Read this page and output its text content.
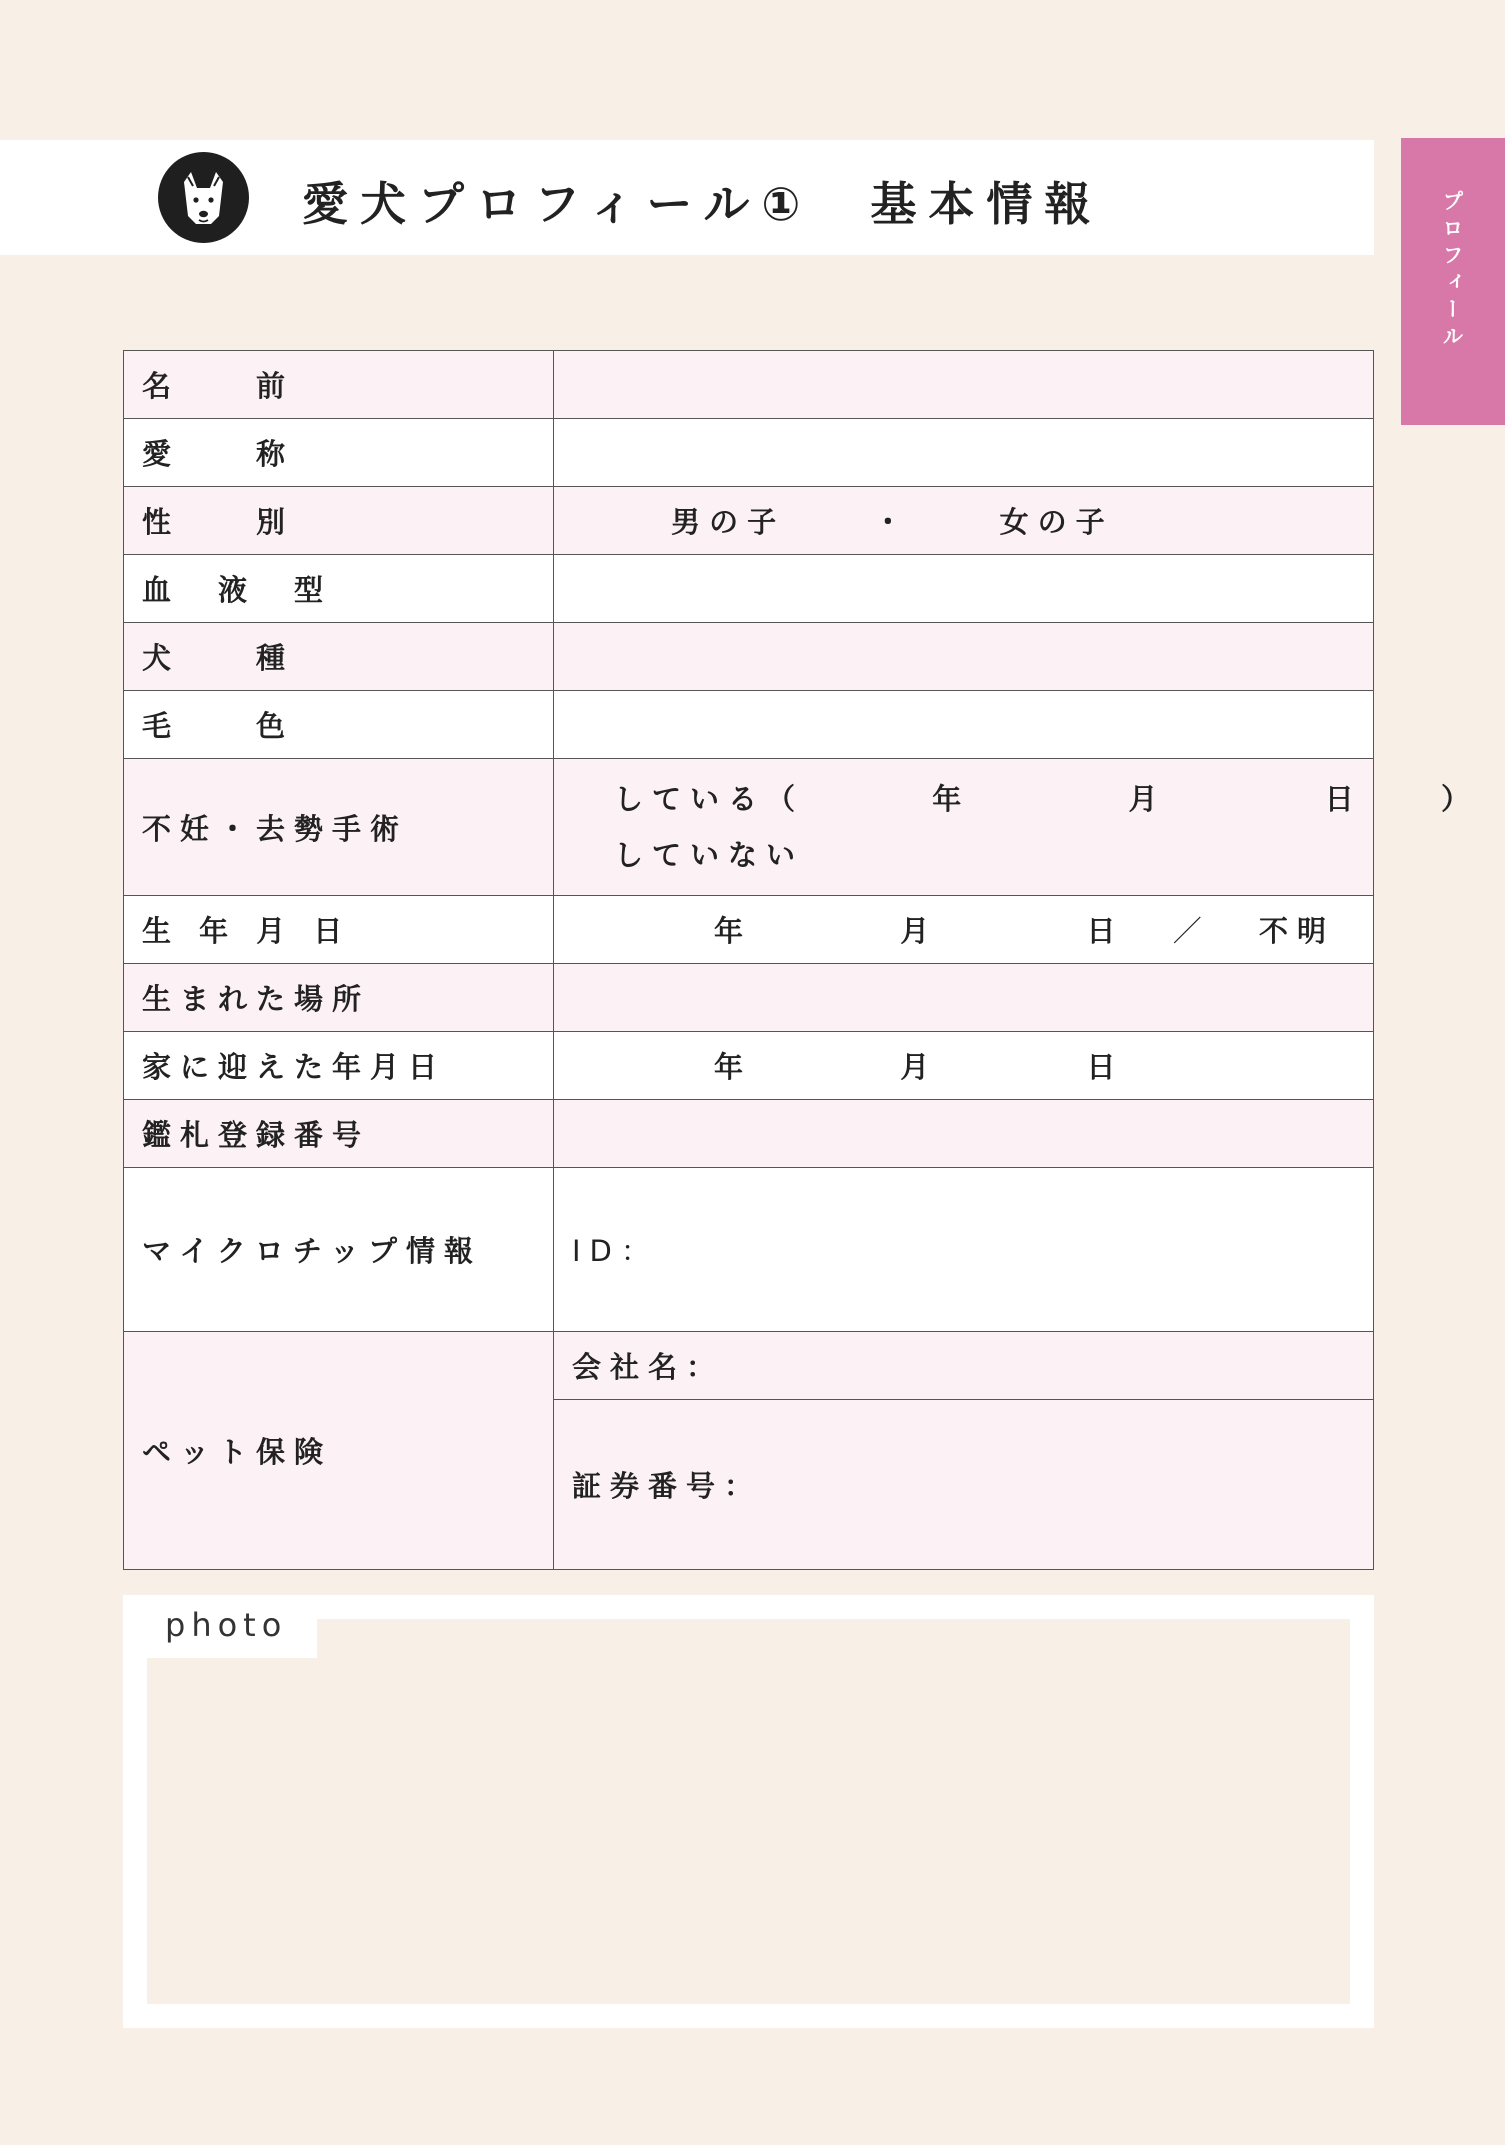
愛犬プロフィール①　基本情報	プロフィール
名　　前	
愛　　称	
性　　別	男の子 ・ 女の子
血　液　型	
犬　　種	
毛　　色	
不妊・去勢手術	している（ 年 月 日 ）
していない

生 年 月 日	年 月 日 ／ 不明
生まれた場所	
家に迎えた年月日	年 月 日
鑑札登録番号	
マイクロチップ情報	ID：
ペット保険	会社名：
	証券番号：
photo
